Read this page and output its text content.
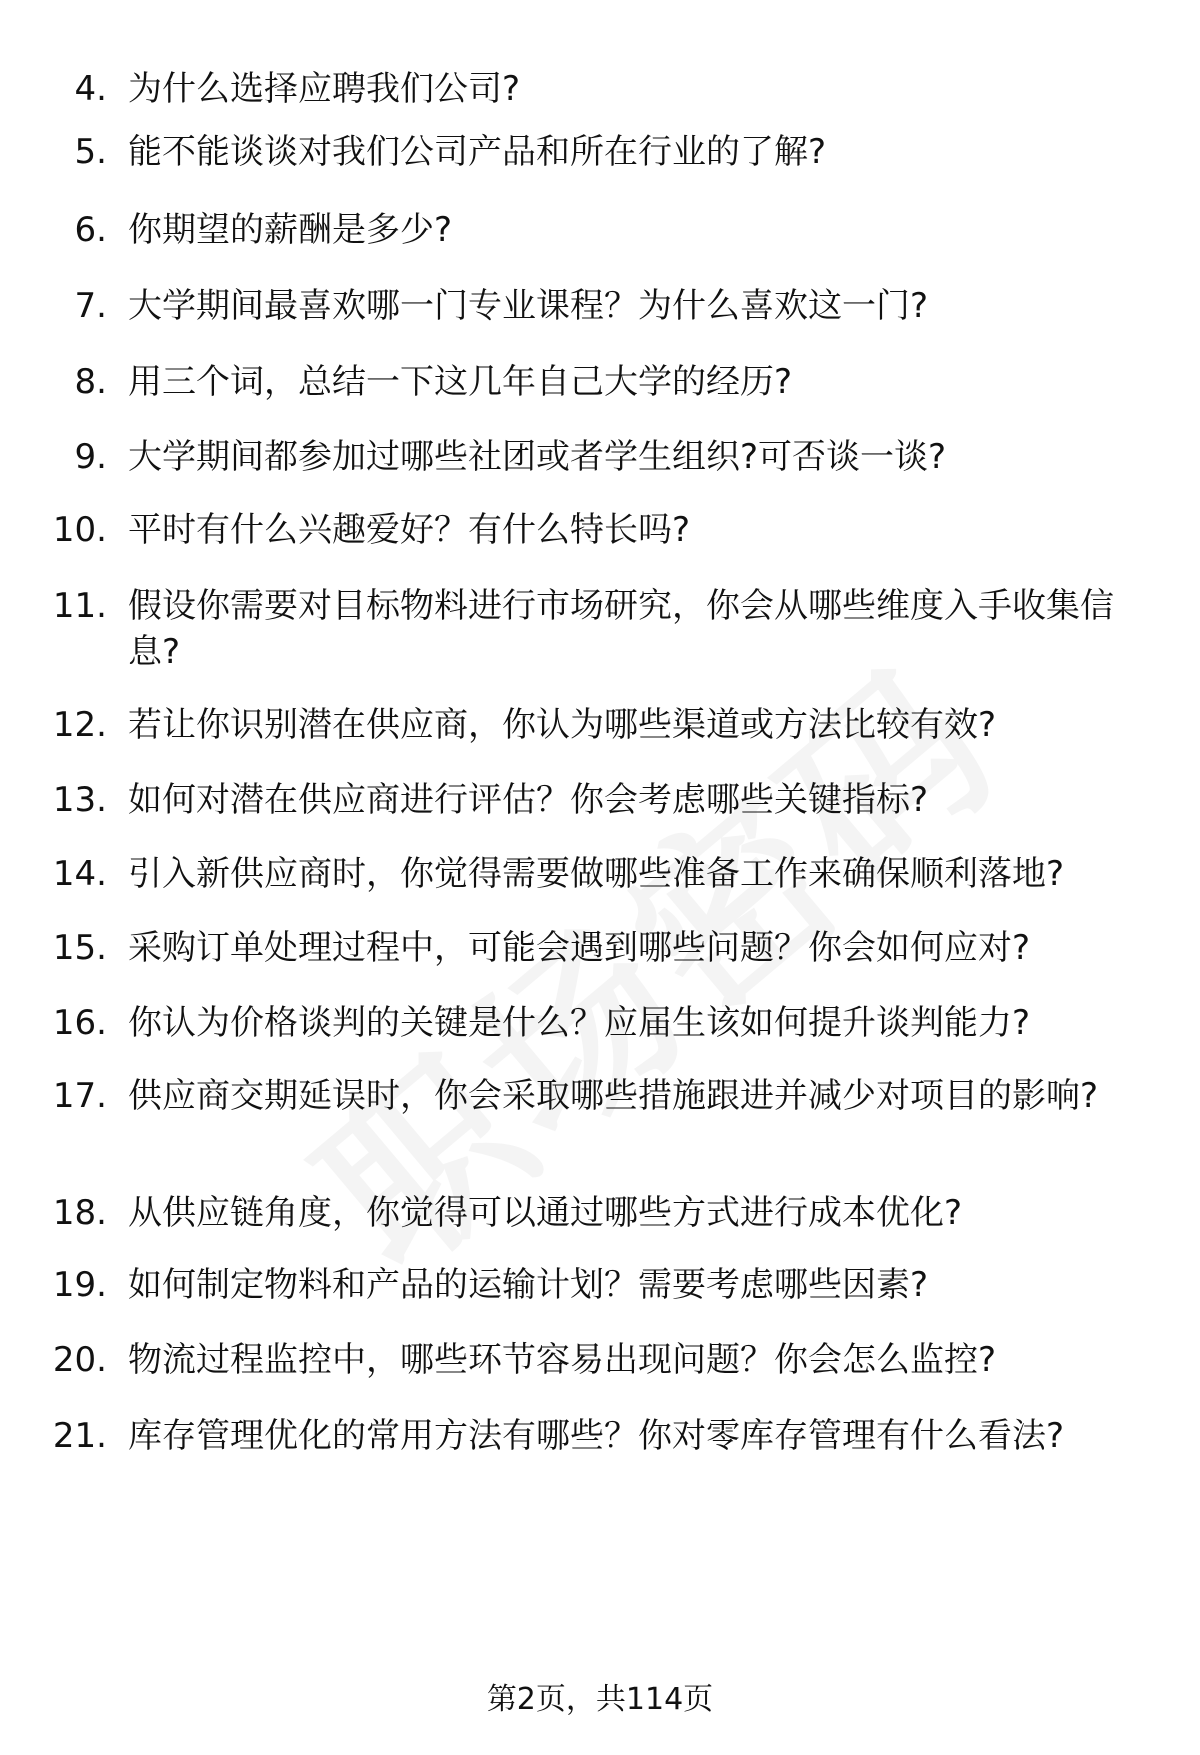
4. 为什么选择应聘我们公司?
5. 能不能谈谈对我们公司产品和所在行业的了解?
6. 你期望的薪酬是多少?
7. 大学期间最喜欢哪一门专业课程？为什么喜欢这一门?
8. 用三个词，总结一下这几年自己大学的经历?
9. 大学期间都参加过哪些社团或者学生组织?可否谈一谈?
10. 平时有什么兴趣爱好？有什么特长吗?
11. 假设你需要对目标物料进行市场研究，你会从哪些维度入手收集信息?
12. 若让你识别潜在供应商，你认为哪些渠道或方法比较有效?
13. 如何对潜在供应商进行评估？你会考虑哪些关键指标?
14. 引入新供应商时，你觉得需要做哪些准备工作来确保顺利落地?
15. 采购订单处理过程中，可能会遇到哪些问题？你会如何应对?
16. 你认为价格谈判的关键是什么？应届生该如何提升谈判能力?
17. 供应商交期延误时，你会采取哪些措施跟进并减少对项目的影响?
18. 从供应链角度，你觉得可以通过哪些方式进行成本优化?
19. 如何制定物料和产品的运输计划？需要考虑哪些因素?
20. 物流过程监控中，哪些环节容易出现问题？你会怎么监控?
21. 库存管理优化的常用方法有哪些？你对零库存管理有什么看法?
第2页，共114页
